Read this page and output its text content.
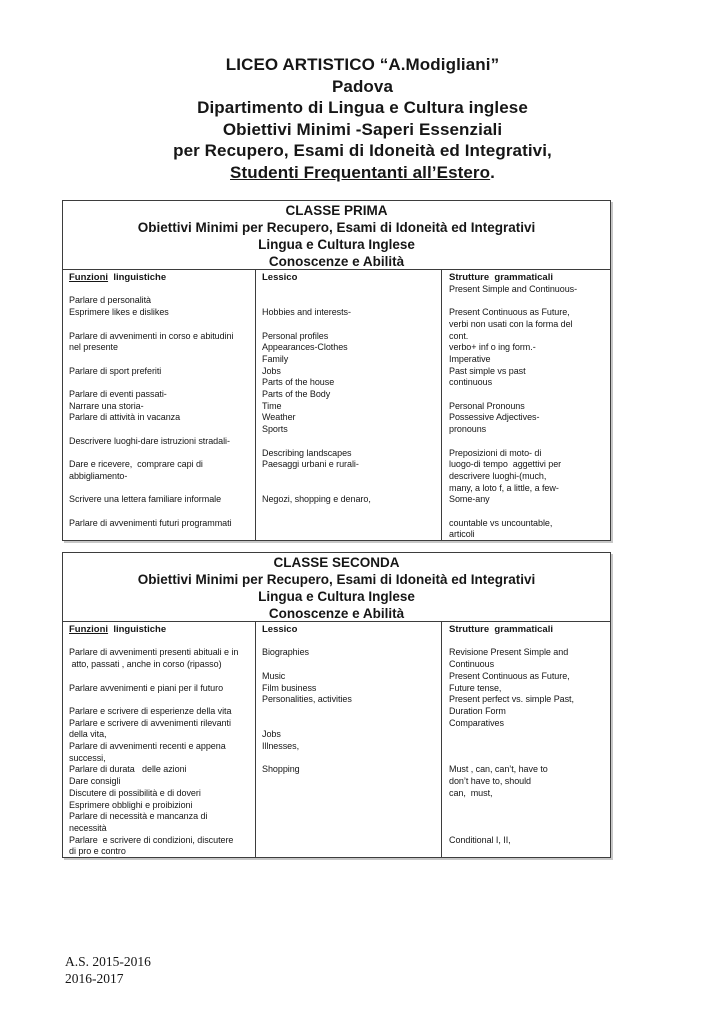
LICEO ARTISTICO “A.Modigliani”
Padova
Dipartimento di Lingua e Cultura inglese
Obiettivi Minimi -Saperi Essenziali
per Recupero, Esami di Idoneità ed Integrativi,
Studenti Frequentanti all’Estero.
CLASSE PRIMA
Obiettivi Minimi per Recupero, Esami di Idoneità ed Integrativi
Lingua e Cultura Inglese
Conoscenze e Abilità
Funzioni  linguistiche

Parlare d personalità
Esprimere likes e dislikes

Parlare di avvenimenti in corso e abitudini
nel presente

Parlare di sport preferiti

Parlare di eventi passati-
Narrare una storia-
Parlare di attività in vacanza

Descrivere luoghi-dare istruzioni stradali-

Dare e ricevere,  comprare capi di
abbigliamento-

Scrivere una lettera familiare informale

Parlare di avvenimenti futuri programmati
Lessico

Hobbies and interests-

Personal profiles
Appearances-Clothes
Family
Jobs
Parts of the house
Parts of the Body
Time
Weather
Sports

Describing landscapes
Paesaggi urbani e rurali-

Negozi, shopping e denaro,
Strutture  grammaticali
Present Simple and Continuous-

Present Continuous as Future,
verbi non usati con la forma del
cont.
verbo+ inf o ing form.-
Imperative
Past simple vs past
continuous

Personal Pronouns
Possessive Adjectives-
pronouns

Preposizioni di moto- di
luogo-di tempo  aggettivi per
descrivere luoghi-(much,
many, a loto f, a little, a few-
Some-any

countable vs uncountable,
articoli
CLASSE SECONDA
Obiettivi Minimi per Recupero, Esami di Idoneità ed Integrativi
Lingua e Cultura Inglese
Conoscenze e Abilità
Funzioni  linguistiche

Parlare di avvenimenti presenti abituali e in
atto, passati , anche in corso (ripasso)

Parlare avvenimenti e piani per il futuro

Parlare e scrivere di esperienze della vita
Parlare e scrivere di avvenimenti rilevanti
della vita,
Parlare di avvenimenti recenti e appena
successi,
Parlare di durata   delle azioni
Dare consigli
Discutere di possibilità e di doveri
Esprimere obblighi e proibizioni
Parlare di necessità e mancanza di
necessità
Parlare  e scrivere di condizioni, discutere
di pro e contro
Lessico

Biographies

Music
Film business
Personalities, activities

Jobs
Illnesses,

Shopping
Strutture  grammaticali

Revisione Present Simple and
Continuous
Present Continuous as Future,
Future tense,
Present perfect vs. simple Past,
Duration Form
Comparatives

Must , can, can’t, have to
don’t have to, should
can,  must,

Conditional I, II,
A.S. 2015-2016
2016-2017
